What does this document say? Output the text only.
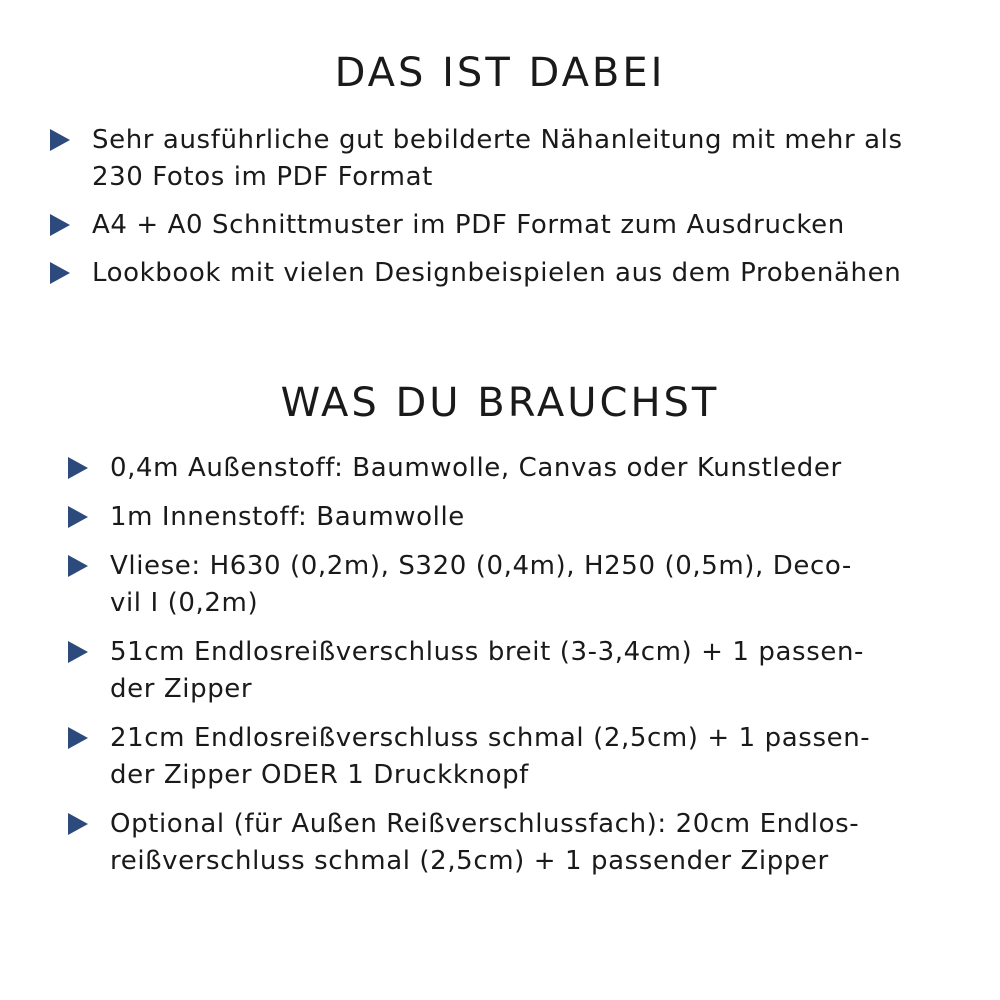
DAS IST DABEI
Sehr ausführliche gut bebilderte Nähanleitung mit mehr als
230 Fotos im PDF Format
A4 + A0 Schnittmuster im PDF Format zum Ausdrucken
Lookbook mit vielen Designbeispielen aus dem Probenähen
WAS DU BRAUCHST
0,4m Außenstoff: Baumwolle, Canvas oder Kunstleder
1m Innenstoff: Baumwolle
Vliese: H630 (0,2m), S320 (0,4m), H250 (0,5m), Deco-
vil I (0,2m)
51cm Endlosreißverschluss breit (3-3,4cm) + 1 passen-
der Zipper
21cm Endlosreißverschluss schmal (2,5cm) + 1 passen-
der Zipper ODER 1 Druckknopf
Optional (für Außen Reißverschlussfach): 20cm Endlos-
reißverschluss schmal (2,5cm) + 1 passender Zipper
